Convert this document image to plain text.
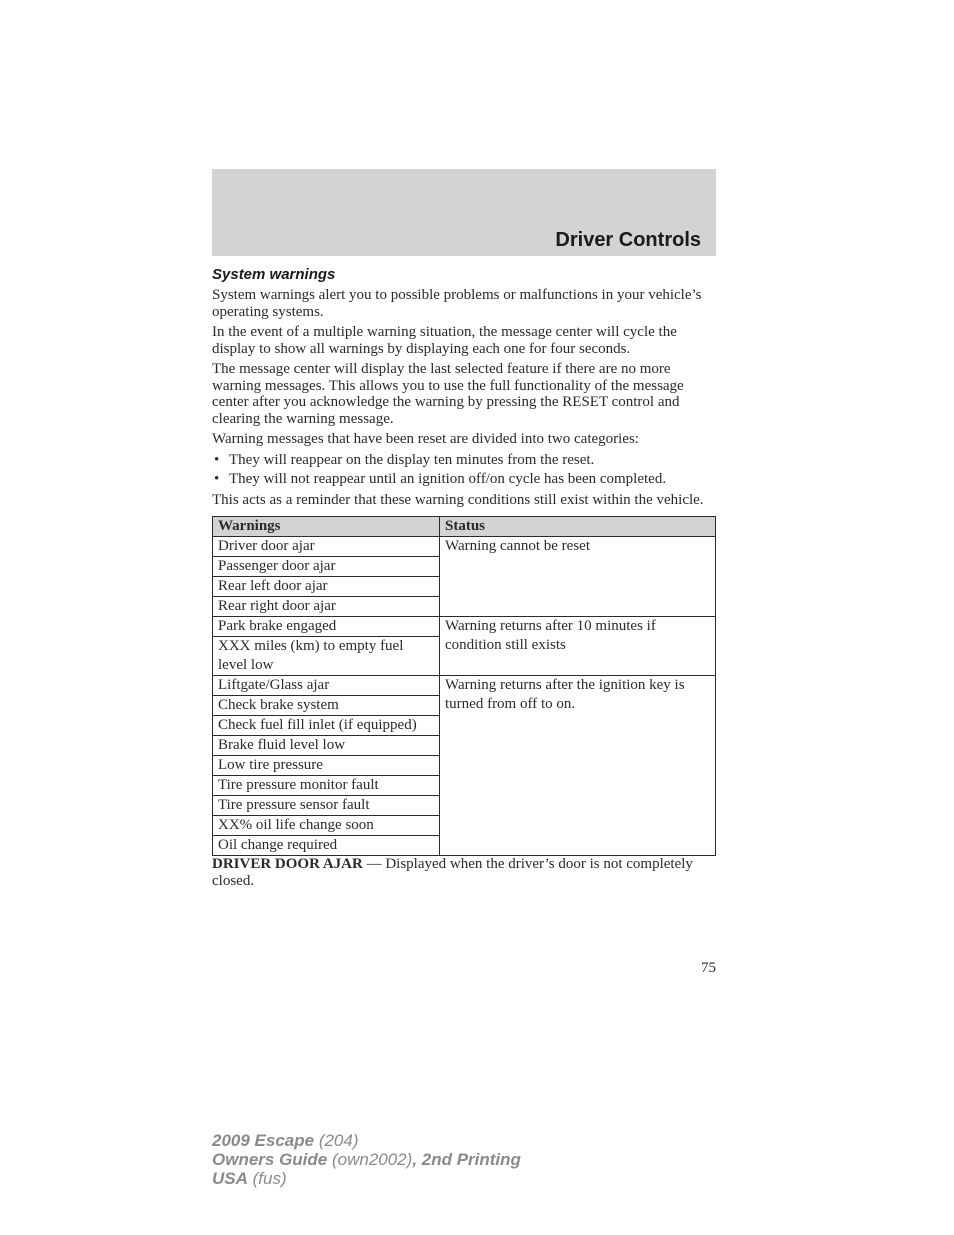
Driver Controls
System warnings

System warnings alert you to possible problems or malfunctions in your vehicle’s operating systems.

In the event of a multiple warning situation, the message center will cycle the display to show all warnings by displaying each one for four seconds.

The message center will display the last selected feature if there are no more warning messages. This allows you to use the full functionality of the message center after you acknowledge the warning by pressing the RESET control and clearing the warning message.

Warning messages that have been reset are divided into two categories:

• They will reappear on the display ten minutes from the reset.
• They will not reappear until an ignition off/on cycle has been completed.

This acts as a reminder that these warning conditions still exist within the vehicle.

Warnings	Status
Driver door ajar	Warning cannot be reset
Passenger door ajar	
Rear left door ajar	
Rear right door ajar	
Park brake engaged	Warning returns after 10 minutes if condition still exists
XXX miles (km) to empty fuel level low	
Liftgate/Glass ajar	Warning returns after the ignition key is turned from off to on.
Check brake system	
Check fuel fill inlet (if equipped)	
Brake fluid level low	
Low tire pressure	
Tire pressure monitor fault	
Tire pressure sensor fault	
XX% oil life change soon	
Oil change required	

DRIVER DOOR AJAR — Displayed when the driver’s door is not completely closed.

75
2009 Escape (204)
Owners Guide (own2002), 2nd Printing
USA (fus)
